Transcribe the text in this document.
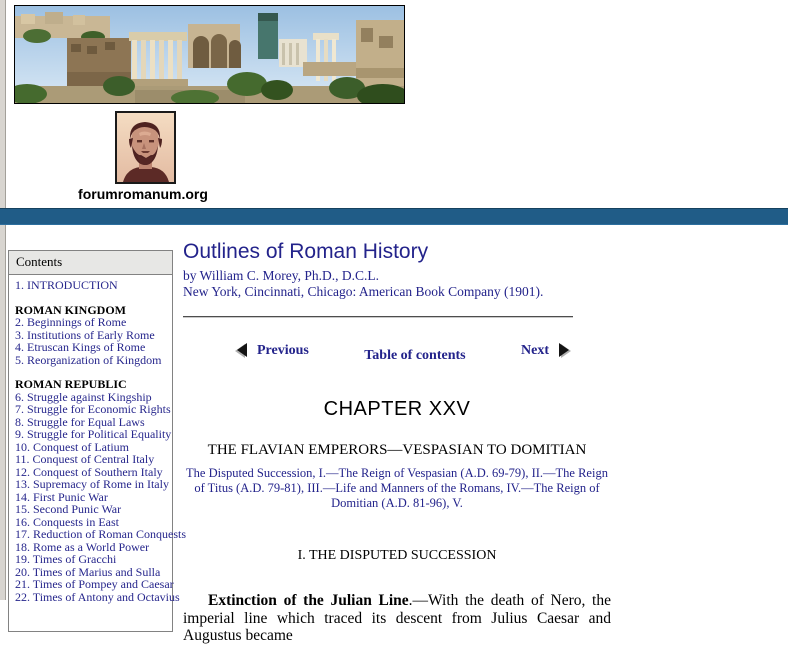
forumromanum.org
Contents
1. INTRODUCTION
ROMAN KINGDOM
2. Beginnings of Rome
3. Institutions of Early Rome
4. Etruscan Kings of Rome
5. Reorganization of Kingdom
ROMAN REPUBLIC
6. Struggle against Kingship
7. Struggle for Economic Rights
8. Struggle for Equal Laws
9. Struggle for Political Equality
10. Conquest of Latium
11. Conquest of Central Italy
12. Conquest of Southern Italy
13. Supremacy of Rome in Italy
14. First Punic War
15. Second Punic War
16. Conquests in East
17. Reduction of Roman Conquests
18. Rome as a World Power
19. Times of Gracchi
20. Times of Marius and Sulla
21. Times of Pompey and Caesar
22. Times of Antony and Octavius
Outlines of Roman History
by William C. Morey, Ph.D., D.C.L.
New York, Cincinnati, Chicago: American Book Company (1901).
Previous	Table of contents	Next
CHAPTER XXV
THE FLAVIAN EMPERORS—VESPASIAN TO DOMITIAN
The Disputed Succession, I.—The Reign of Vespasian (A.D. 69-79), II.—The Reign of Titus (A.D. 79-81), III.—Life and Manners of the Romans, IV.—The Reign of Domitian (A.D. 81-96), V.
I. THE DISPUTED SUCCESSION

Extinction of the Julian Line.—With the death of Nero, the imperial line which traced its descent from Julius Caesar and Augustus became
